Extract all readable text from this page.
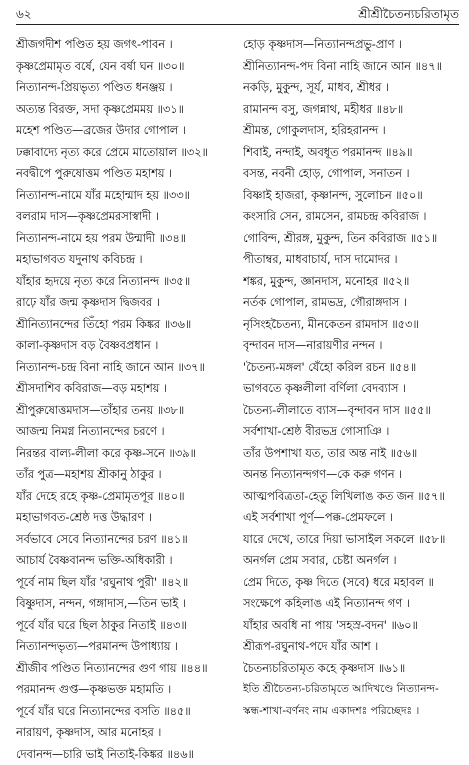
৬২	শ্রীশ্রীচৈতন্যচরিতামৃত
শ্রীজগদীশ পণ্ডিত হয় জগৎ-পাবন ।
কৃষ্ণপ্রেমামৃত বর্ষে, যেন বর্ষা ঘন ॥৩০॥
নিত্যানন্দ-প্রিয়ভৃত্য পণ্ডিত ধনঞ্জয় ।
অত্যন্ত বিরক্ত, সদা কৃষ্ণপ্রেমময় ॥৩১॥
মহেশ পণ্ডিত—ব্রজের উদার গোপাল ।
ঢক্কাবাদ্যে নৃত্য করে প্রেমে মাতোয়াল ॥৩২॥
নবদ্বীপে পুরুষোত্তম পণ্ডিত মহাশয় ।
নিত্যানন্দ-নামে যাঁর মহোন্মাদ হয় ॥৩৩॥
বলরাম দাস—কৃষ্ণপ্রেমরসাস্বাদী ।
নিত্যানন্দ-নামে হয় পরম উন্মাদী ॥৩৪॥
মহাভাগবত যদুনাথ কবিচন্দ্র ।
যাঁহার হৃদয়ে নৃত্য করে নিত্যানন্দ ॥৩৫॥
রাঢ়ে যাঁর জন্ম কৃষ্ণদাস দ্বিজবর ।
শ্রীনিত্যানন্দের তিঁহো পরম কিঙ্কর ॥৩৬॥
কালা-কৃষ্ণদাস বড় বৈষ্ণবপ্রধান ।
নিত্যানন্দ-চন্দ্র বিনা নাহি জানে আন ॥৩৭॥
শ্রীসদাশিব কবিরাজ—বড় মহাশয় ।
শ্রীপুরুষোত্তমদাস—তাঁহার তনয় ॥৩৮॥
আজন্ম নিমগ্ন নিত্যানন্দের চরণে ।
নিরন্তর বাল্য-লীলা করে কৃষ্ণ-সনে ॥৩৯॥
তাঁর পুত্র—মহাশয় শ্রীকানু ঠাকুর ।
যাঁর দেহে রহে কৃষ্ণ-প্রেমামৃতপূর ॥৪০॥
মহাভাগবত-শ্রেষ্ঠ দত্ত উদ্ধারণ ।
সর্বভাবে সেবে নিত্যানন্দের চরণ ॥৪১॥
আচার্য বৈষ্ণবানন্দ ভক্তি-অধিকারী ।
পূর্বে নাম ছিল যাঁর 'রঘুনাথ পুরী' ॥৪২॥
বিষ্ণুদাস, নন্দন, গঙ্গাদাস,—তিন ভাই ।
পূর্বে যাঁর ঘরে ছিল ঠাকুর নিতাই ॥৪৩॥
নিত্যানন্দভৃত্য—পরমানন্দ উপাধ্যায় ।
শ্রীজীব পণ্ডিত নিত্যানন্দের গুণ গায় ॥৪৪॥
পরমানন্দ গুপ্ত—কৃষ্ণভক্ত মহামতি ।
পূর্বে যাঁর ঘরে নিত্যানন্দের বসতি ॥৪৫॥
নারায়ণ, কৃষ্ণদাস, আর মনোহর ।
দেবানন্দ—চারি ভাই নিতাই-কিঙ্কর ॥৪৬॥
হোড় কৃষ্ণদাস—নিত্যানন্দপ্রভু-প্রাণ ।
শ্রীনিত্যানন্দ-পদ বিনা নাহি জানে আন ॥৪৭॥
নকড়ি, মুকুন্দ, সূর্য, মাধব, শ্রীধর ।
রামানন্দ বসু, জগন্নাথ, মহীধর ॥৪৮॥
শ্রীমন্ত, গোকুলদাস, হরিহরানন্দ ।
শিবাই, নন্দাই, অবধূত পরমানন্দ ॥৪৯॥
বসন্ত, নবনী হোড়, গোপাল, সনাতন ।
বিষ্ণাই হাজরা, কৃষ্ণানন্দ, সুলোচন ॥৫০॥
কংসারি সেন, রামসেন, রামচন্দ্র কবিরাজ ।
গোবিন্দ, শ্রীরঙ্গ, মুকুন্দ, তিন কবিরাজ ॥৫১॥
পীতাম্বর, মাধবাচার্য, দাস দামোদর ।
শঙ্কর, মুকুন্দ, জ্ঞানদাস, মনোহর ॥৫২॥
নর্তক গোপাল, রামভদ্র, গৌরাঙ্গদাস ।
নৃসিংহচৈতন্য, মীনকেতন রামদাস ॥৫৩॥
বৃন্দাবন দাস—নারায়ণীর নন্দন ।
'চৈতন্য-মঙ্গল' যেঁহো করিল রচন ॥৫৪॥
ভাগবতে কৃষ্ণলীলা বর্ণিলা বেদব্যাস ।
চৈতন্য-লীলাতে ব্যাস—বৃন্দাবন দাস ॥৫৫॥
সর্বশাখা-শ্রেষ্ঠ বীরভদ্র গোসাঞি ।
তাঁর উপশাখা যত, তার অন্ত নাই ॥৫৬॥
অনন্ত নিত্যানন্দগণ—কে করু গণন ।
আত্মপবিত্রতা-হেতু লিখিলাঙ কত জন ॥৫৭॥
এই সর্বশাখা পূর্ণ—পক্ক-প্রেমফলে ।
যারে দেখে, তারে দিয়া ভাসাইল সকলে ॥৫৮॥
অনর্গল প্রেম সবার, চেষ্টা অনর্গল ।
প্রেম দিতে, কৃষ্ণ দিতে (সবে) ধরে মহাবল ॥
সংক্ষেপে কহিলাঙ এই নিত্যানন্দ গণ ।
যাঁহার অবধি না পায় 'সহস্র-বদন' ॥৬০॥
শ্রীরূপ-রঘুনাথ-পদে যাঁর আশ ।
চৈতন্যচরিতামৃত কহে কৃষ্ণদাস ॥৬১॥
ইতি শ্রীচৈতন্য-চরিতামৃতে আদিখণ্ডে নিত্যানন্দ-
স্কন্ধ-শাখা-বর্ণনং নাম একাদশঃ পরিচ্ছেদঃ ।
